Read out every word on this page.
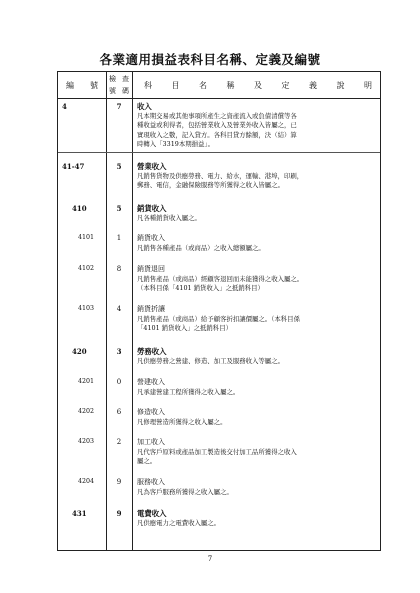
各業適用損益表科目名稱、定義及編號
編 號
檢 查
號 碼
科 目 名 稱 及 定 義 說 明
4	7	收入
凡本期交易或其他事項所產生之資產流入或負債清償等各
種收益或利得者，包括營業收入及營業外收入皆屬之，已
實現收入之數，記入貸方。各科目貸方餘額，決（結）算
時轉入「3319本期損益」。
41-47	5	營業收入
凡銷售貨物及供應勞務、電力、給水，運輸、港埠，印刷，
郵務、電信，金融保險服務等所獲得之收入皆屬之。
410	5	銷貨收入
凡各種銷貨收入屬之。
4101	1	銷貨收入
凡銷售各種產品（或商品）之收入總額屬之。
4102	8	銷貨退回
凡銷售產品（或商品）經顧客退回而未能獲得之收入屬之。
（本科目係「4101 銷貨收入」之抵銷科目）
4103	4	銷貨折讓
凡銷售產品（或商品）給予顧客折扣讓價屬之。（本科目係
「4101 銷貨收入」之抵銷科目）
420	3	勞務收入
凡供應勞務之營建、修造、加工及服務收入等屬之。
4201	0	營建收入
凡承建營建工程所獲得之收入屬之。
4202	6	修造收入
凡修理營造所獲得之收入屬之。
4203	2	加工收入
凡代客戶原料或產品加工製造後交付加工品所獲得之收入
屬之。
4204	9	服務收入
凡為客戶服務所獲得之收入屬之。
431	9	電費收入
凡供應電力之電費收入屬之。
7
